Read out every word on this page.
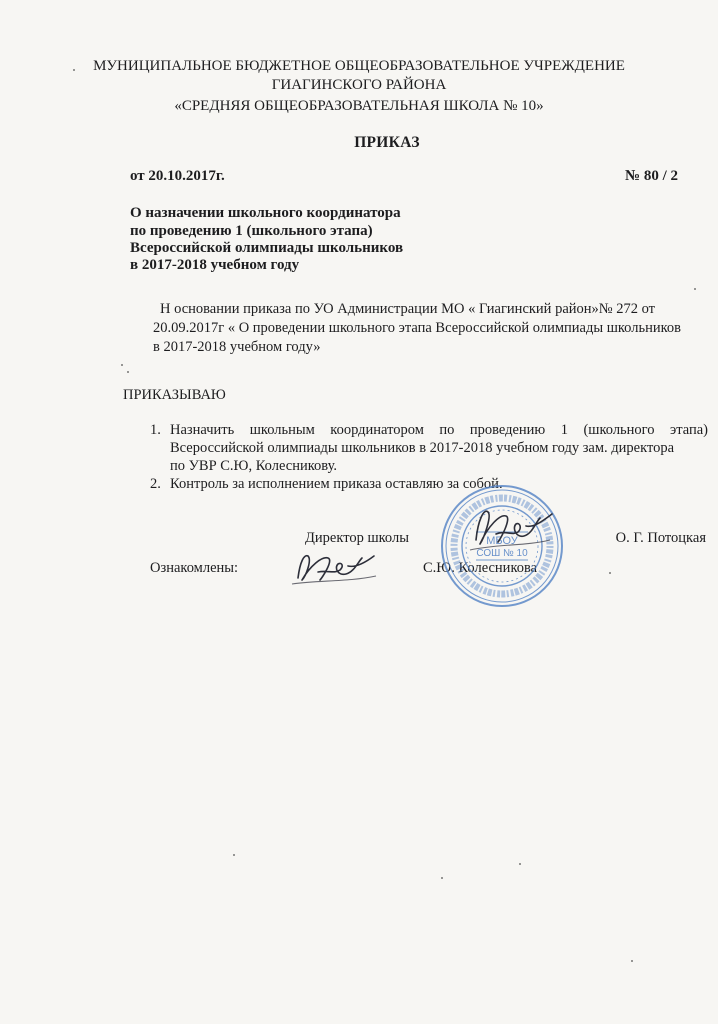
МУНИЦИПАЛЬНОЕ БЮДЖЕТНОЕ ОБЩЕОБРАЗОВАТЕЛЬНОЕ УЧРЕЖДЕНИЕ
ГИАГИНСКОГО РАЙОНА
«СРЕДНЯЯ ОБЩЕОБРАЗОВАТЕЛЬНАЯ ШКОЛА № 10»
ПРИКАЗ
от 20.10.2017г.	№ 80 / 2
О назначении школьного координатора
по проведению 1 (школьного этапа)
Всероссийской олимпиады школьников
в 2017-2018 учебном году
Н основании приказа по УО Администрации МО « Гиагинский район»№ 272 от
20.09.2017г « О проведении школьного этапа Всероссийской олимпиады школьников
в 2017-2018 учебном году»
ПРИКАЗЫВАЮ
1. Назначить школьным координатором по проведению 1 (школьного этапа)
Всероссийской олимпиады школьников в 2017-2018 учебном году зам. директора
по УВР С.Ю, Колесникову.
2. Контроль за исполнением приказа оставляю за собой.
Директор школы	О. Г. Потоцкая
Ознакомлены:	С.Ю. Колесникова
МБОУ
СОШ № 10
